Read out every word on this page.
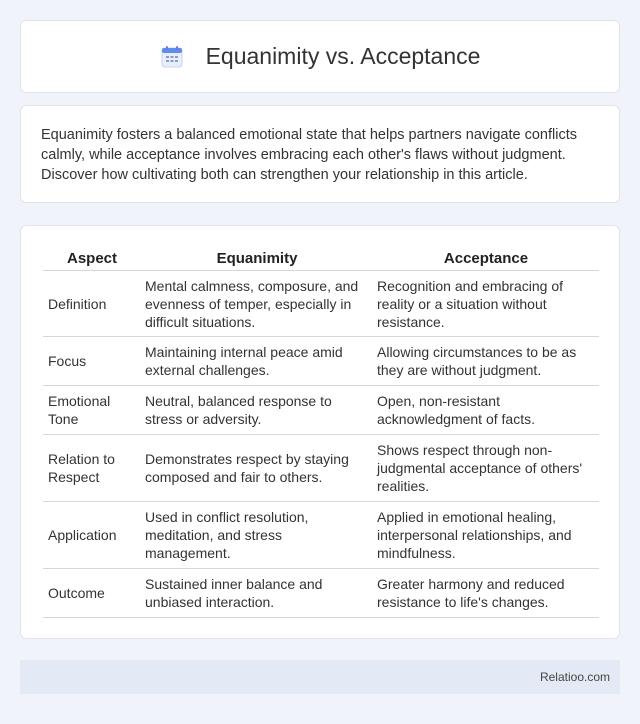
Equanimity vs. Acceptance

Equanimity fosters a balanced emotional state that helps partners navigate conflicts calmly, while acceptance involves embracing each other's flaws without judgment. Discover how cultivating both can strengthen your relationship in this article.

Aspect	Equanimity	Acceptance
Definition	Mental calmness, composure, and evenness of temper, especially in difficult situations.	Recognition and embracing of reality or a situation without resistance.
Focus	Maintaining internal peace amid external challenges.	Allowing circumstances to be as they are without judgment.
Emotional Tone	Neutral, balanced response to stress or adversity.	Open, non-resistant acknowledgment of facts.
Relation to Respect	Demonstrates respect by staying composed and fair to others.	Shows respect through non-judgmental acceptance of others' realities.
Application	Used in conflict resolution, meditation, and stress management.	Applied in emotional healing, interpersonal relationships, and mindfulness.
Outcome	Sustained inner balance and unbiased interaction.	Greater harmony and reduced resistance to life's changes.
Relatioo.com
